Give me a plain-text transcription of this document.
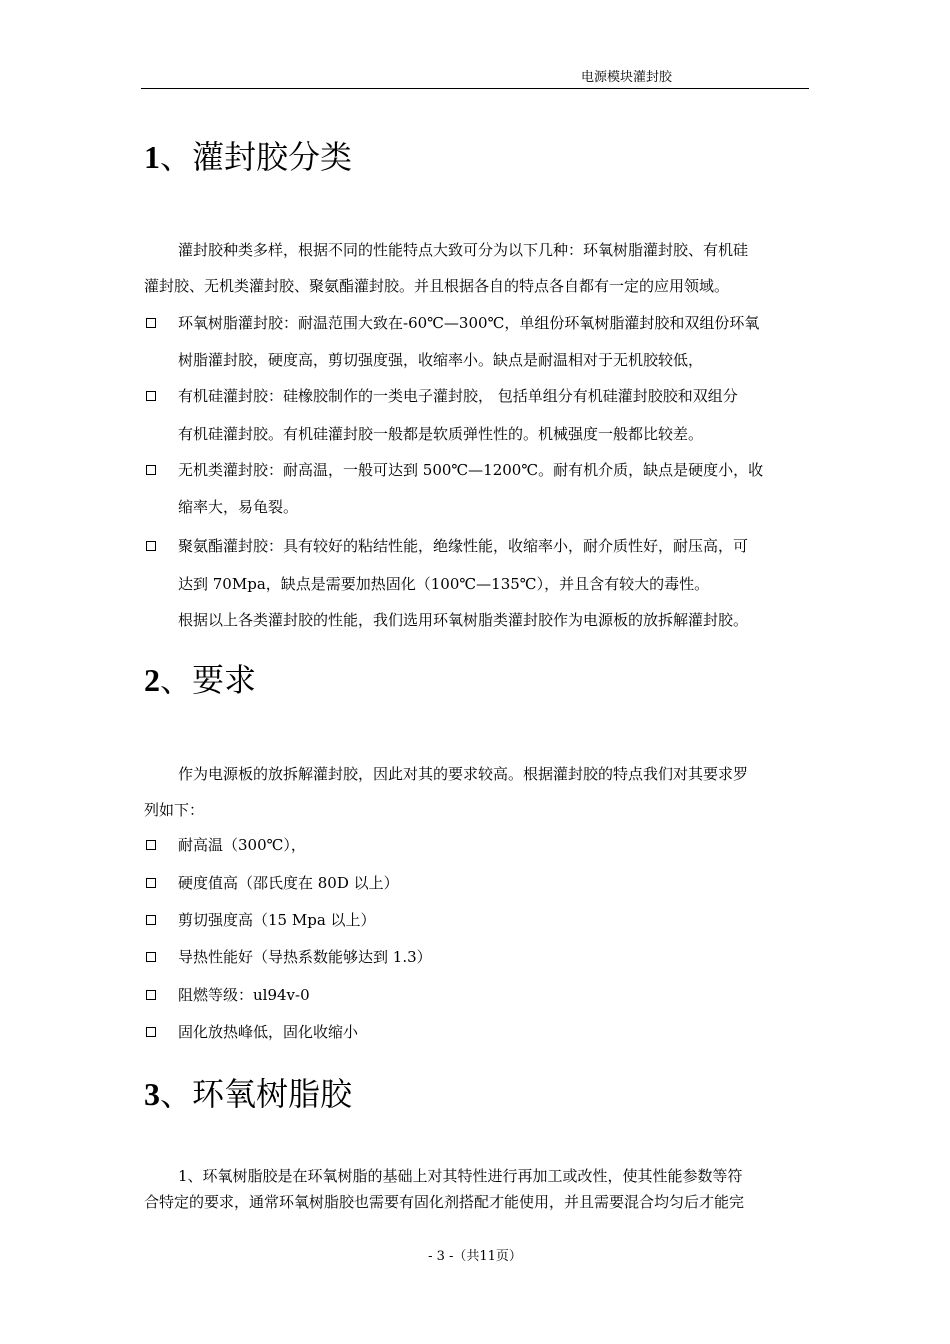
电源模块灌封胶
1、灌封胶分类
灌封胶种类多样，根据不同的性能特点大致可分为以下几种：环氧树脂灌封胶、有机硅
灌封胶、无机类灌封胶、聚氨酯灌封胶。并且根据各自的特点各自都有一定的应用领域。
环氧树脂灌封胶：耐温范围大致在-60℃—300℃，单组份环氧树脂灌封胶和双组份环氧
树脂灌封胶，硬度高，剪切强度强，收缩率小。缺点是耐温相对于无机胶较低，
有机硅灌封胶：硅橡胶制作的一类电子灌封胶， 包括单组分有机硅灌封胶胶和双组分
有机硅灌封胶。有机硅灌封胶一般都是软质弹性性的。机械强度一般都比较差。
无机类灌封胶：耐高温，一般可达到 500℃—1200℃。耐有机介质，缺点是硬度小，收
缩率大，易龟裂。
聚氨酯灌封胶：具有较好的粘结性能，绝缘性能，收缩率小，耐介质性好，耐压高，可
达到 70Mpa，缺点是需要加热固化（100℃—135℃），并且含有较大的毒性。
根据以上各类灌封胶的性能，我们选用环氧树脂类灌封胶作为电源板的放拆解灌封胶。
2、要求
作为电源板的放拆解灌封胶，因此对其的要求较高。根据灌封胶的特点我们对其要求罗
列如下：
耐高温（300℃），
硬度值高（邵氏度在 80D 以上）
剪切强度高（15 Mpa 以上）
导热性能好（导热系数能够达到 1.3）
阻燃等级：ul94v-0
固化放热峰低，固化收缩小
3、环氧树脂胶
1、环氧树脂胶是在环氧树脂的基础上对其特性进行再加工或改性，使其性能参数等符
合特定的要求，通常环氧树脂胶也需要有固化剂搭配才能使用，并且需要混合均匀后才能完
- 3 -（共11页）
